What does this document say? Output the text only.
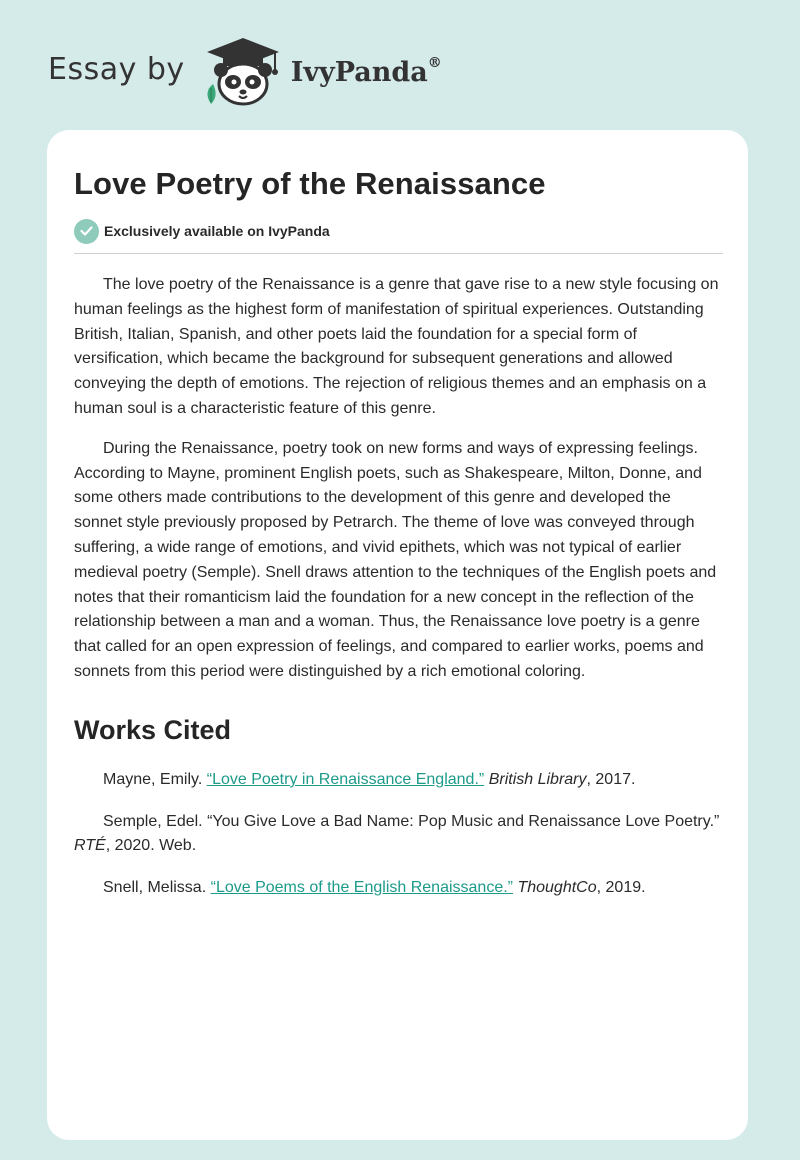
Essay by	IvyPanda®
Love Poetry of the Renaissance
Exclusively available on IvyPanda

The love poetry of the Renaissance is a genre that gave rise to a new style focusing on human feelings as the highest form of manifestation of spiritual experiences. Outstanding British, Italian, Spanish, and other poets laid the foundation for a special form of versification, which became the background for subsequent generations and allowed conveying the depth of emotions. The rejection of religious themes and an emphasis on a human soul is a characteristic feature of this genre.

During the Renaissance, poetry took on new forms and ways of expressing feelings. According to Mayne, prominent English poets, such as Shakespeare, Milton, Donne, and some others made contributions to the development of this genre and developed the sonnet style previously proposed by Petrarch. The theme of love was conveyed through suffering, a wide range of emotions, and vivid epithets, which was not typical of earlier medieval poetry (Semple). Snell draws attention to the techniques of the English poets and notes that their romanticism laid the foundation for a new concept in the reflection of the relationship between a man and a woman. Thus, the Renaissance love poetry is a genre that called for an open expression of feelings, and compared to earlier works, poems and sonnets from this period were distinguished by a rich emotional coloring.

Works Cited

Mayne, Emily. “Love Poetry in Renaissance England.” British Library, 2017.

Semple, Edel. “You Give Love a Bad Name: Pop Music and Renaissance Love Poetry.” RTÉ, 2020. Web.

Snell, Melissa. “Love Poems of the English Renaissance.” ThoughtCo, 2019.
